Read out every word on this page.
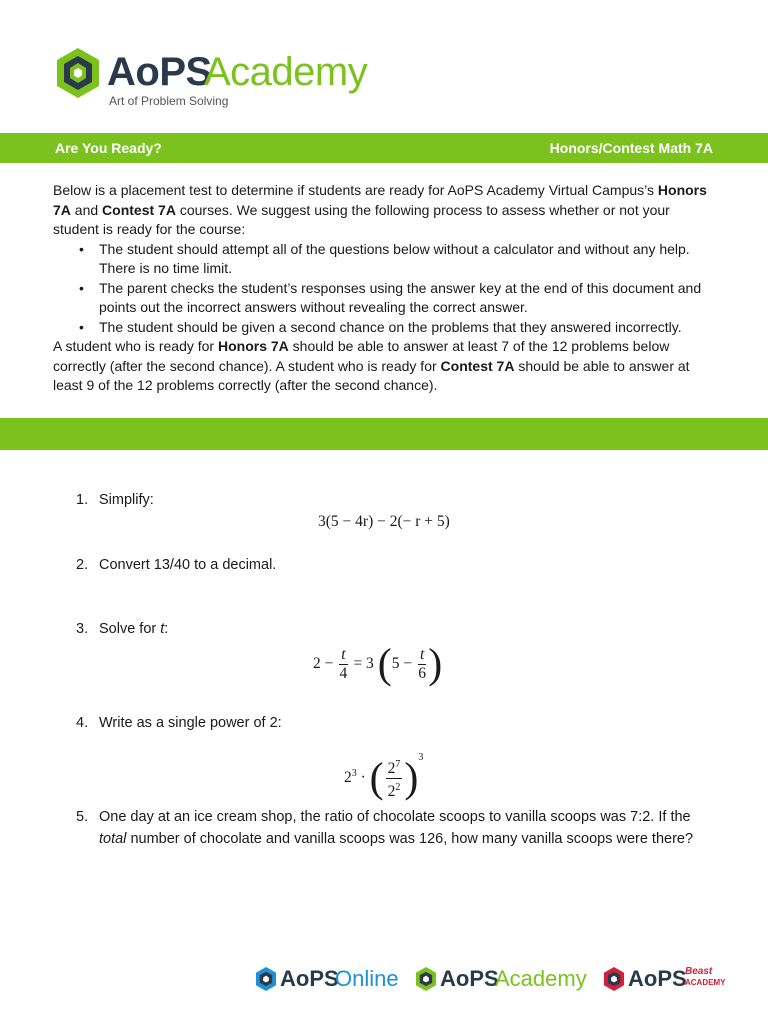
AoPS
Academy
Art of Problem Solving
Are You Ready?	Honors/Contest Math 7A

Below is a placement test to determine if students are ready for AoPS Academy Virtual Campus’s Honors 7A and Contest 7A courses. We suggest using the following process to assess whether or not your student is ready for the course:

• The student should attempt all of the questions below without a calculator and without any help. There is no time limit.
• The parent checks the student’s responses using the answer key at the end of this document and points out the incorrect answers without revealing the correct answer.
• The student should be given a second chance on the problems that they answered incorrectly.

A student who is ready for Honors 7A should be able to answer at least 7 of the 12 problems below correctly (after the second chance). A student who is ready for Contest 7A should be able to answer at least 9 of the 12 problems correctly (after the second chance).

1. Simplify:
3(5 − 4r) − 2(− r + 5)
2. Convert 13/40 to a decimal.
3. Solve for t:
$2 - \frac{t}{4} = 3$ ($5 - \frac{t}{6}$ )
4. Write as a single power of 2:
$2^3$ · ( $\frac{2^7}{2^2} )^3$
5. One day at an ice cream shop, the ratio of chocolate scoops to vanilla scoops was 7:2. If the total number of chocolate and vanilla scoops was 126, how many vanilla scoops were there?
AoPS
Online AoPS
Academy AoPS
Beast
ACADEMY
